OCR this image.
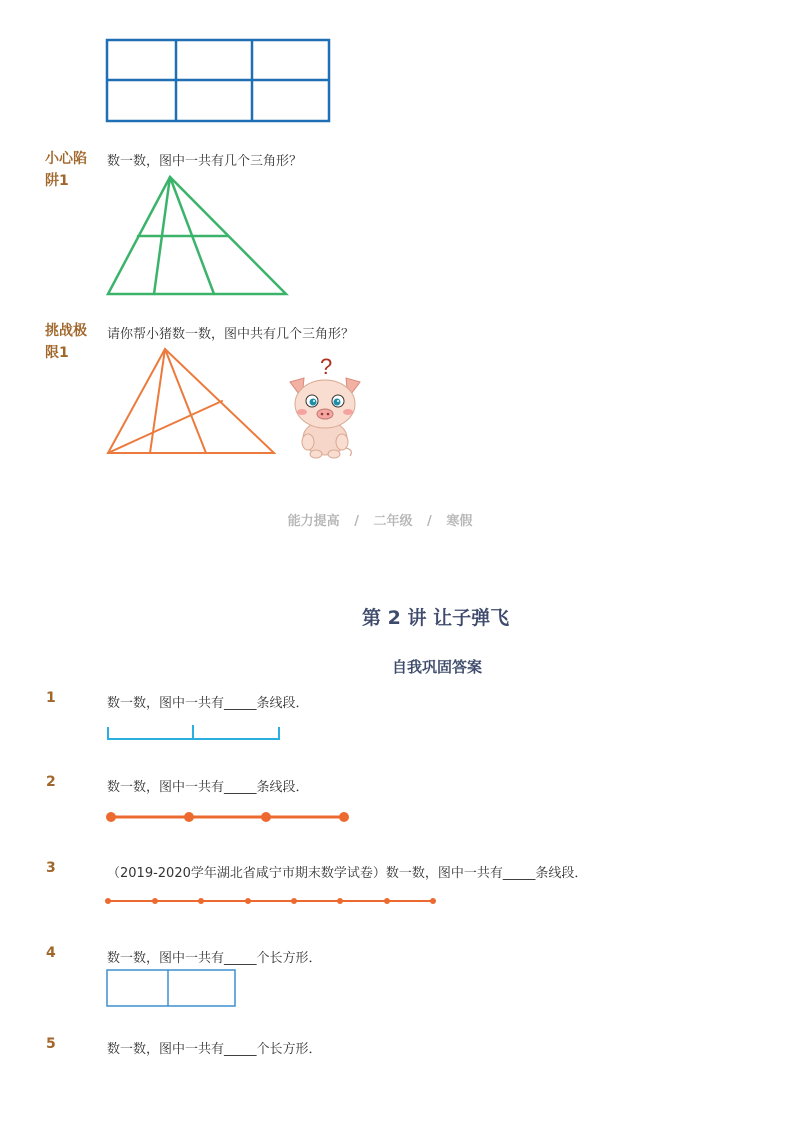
小心陷阱1
数一数，图中一共有几个三角形？
挑战极限1
请你帮小猪数一数，图中共有几个三角形？
?
能力提高 / 二年级 / 寒假
第 2 讲 让子弹飞
自我巩固答案
1	数一数，图中一共有_____条线段．
2	数一数，图中一共有_____条线段．
3	（2019-2020学年湖北省咸宁市期末数学试卷）数一数，图中一共有_____条线段．
4	数一数，图中一共有_____个长方形．
5	数一数，图中一共有_____个长方形．
